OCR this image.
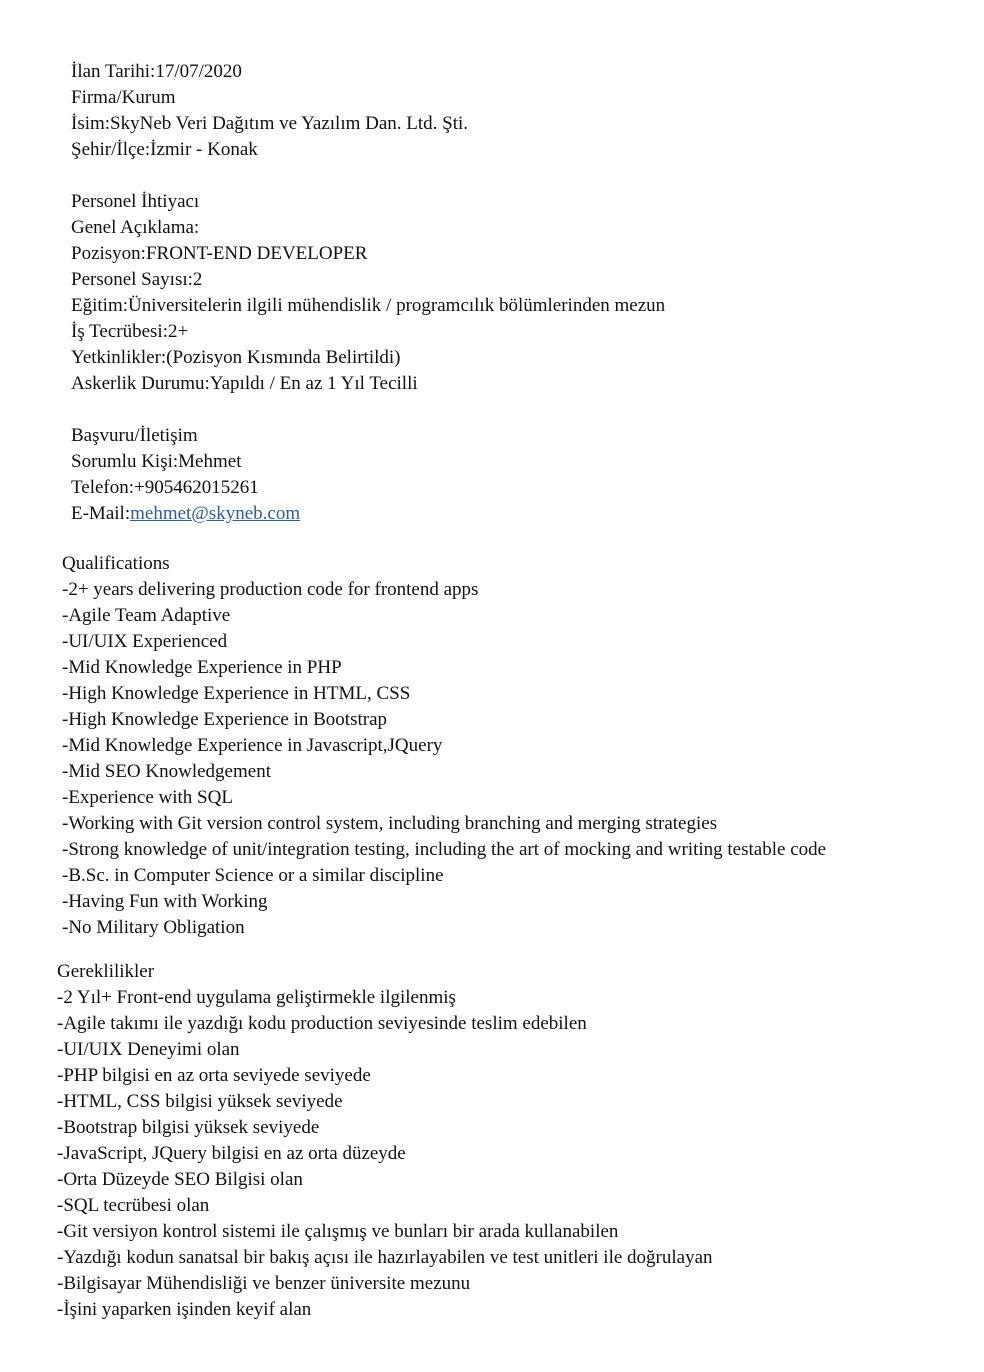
İlan Tarihi:17/07/2020
Firma/Kurum
İsim:SkyNeb Veri Dağıtım ve Yazılım Dan. Ltd. Şti.
Şehir/İlçe:İzmir - Konak
Personel İhtiyacı
Genel Açıklama:
Pozisyon:FRONT-END DEVELOPER
Personel Sayısı:2
Eğitim:Üniversitelerin ilgili mühendislik / programcılık bölümlerinden mezun
İş Tecrübesi:2+
Yetkinlikler:(Pozisyon Kısmında Belirtildi)
Askerlik Durumu:Yapıldı / En az 1 Yıl Tecilli
Başvuru/İletişim
Sorumlu Kişi:Mehmet
Telefon:+905462015261
E-Mail:mehmet@skyneb.com
Qualifications
-2+ years delivering production code for frontend apps
-Agile Team Adaptive
-UI/UIX Experienced
-Mid Knowledge Experience in PHP
-High Knowledge Experience in HTML, CSS
-High Knowledge Experience in Bootstrap
-Mid Knowledge Experience in Javascript,JQuery
-Mid SEO Knowledgement
-Experience with SQL
-Working with Git version control system, including branching and merging strategies
-Strong knowledge of unit/integration testing, including the art of mocking and writing testable code
-B.Sc. in Computer Science or a similar discipline
-Having Fun with Working
-No Military Obligation
Gereklilikler
-2 Yıl+ Front-end uygulama geliştirmekle ilgilenmiş
-Agile takımı ile yazdığı kodu production seviyesinde teslim edebilen
-UI/UIX Deneyimi olan
-PHP bilgisi en az orta seviyede seviyede
-HTML, CSS bilgisi yüksek seviyede
-Bootstrap bilgisi yüksek seviyede
-JavaScript, JQuery bilgisi en az orta düzeyde
-Orta Düzeyde SEO Bilgisi olan
-SQL tecrübesi olan
-Git versiyon kontrol sistemi ile çalışmış ve bunları bir arada kullanabilen
-Yazdığı kodun sanatsal bir bakış açısı ile hazırlayabilen ve test unitleri ile doğrulayan
-Bilgisayar Mühendisliği ve benzer üniversite mezunu
-İşini yaparken işinden keyif alan
